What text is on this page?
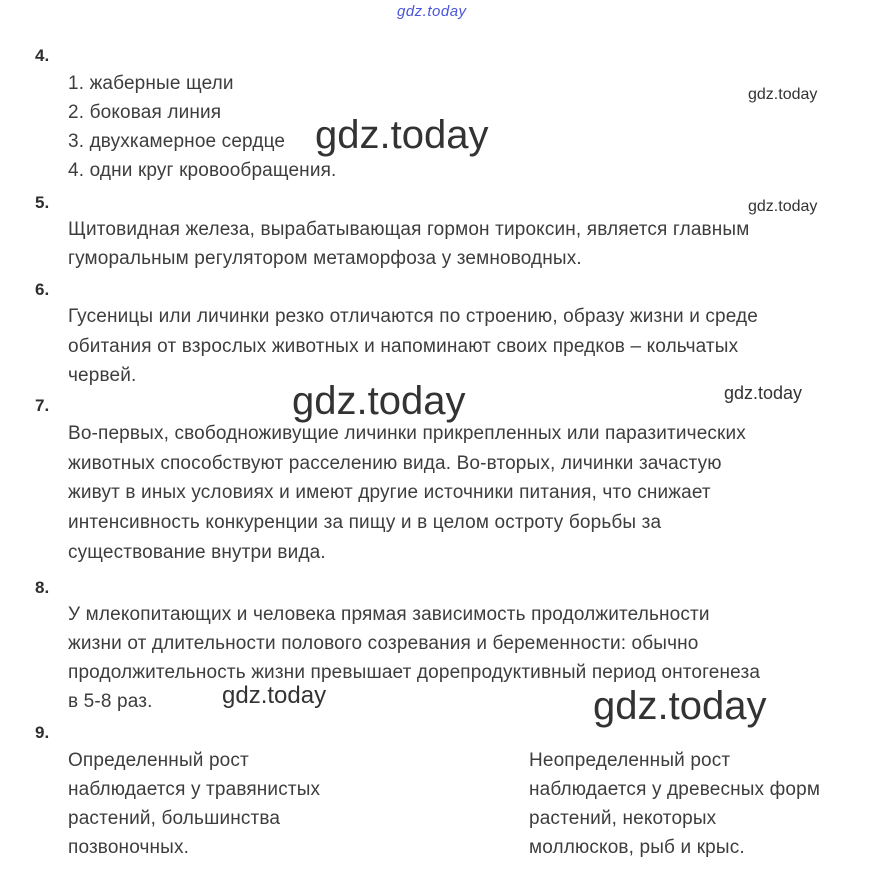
gdz.today
4.
1. жаберные щели
2. боковая линия
3. двухкамерное сердце
4. одни круг кровообращения.
5.
Щитовидная железа, вырабатывающая гормон тироксин, является главным
гуморальным регулятором метаморфоза у земноводных.
6.
Гусеницы или личинки резко отличаются по строению, образу жизни и среде
обитания от взрослых животных и напоминают своих предков – кольчатых
червей.
7.
Во-первых, свободноживущие личинки прикрепленных или паразитических
животных способствуют расселению вида. Во-вторых, личинки зачастую
живут в иных условиях и имеют другие источники питания, что снижает
интенсивность конкуренции за пищу и в целом остроту борьбы за
существование внутри вида.
8.
У млекопитающих и человека прямая зависимость продолжительности
жизни от длительности полового созревания и беременности: обычно
продолжительность жизни превышает дорепродуктивный период онтогенеза
в 5-8 раз.
9.
Определенный рост
наблюдается у травянистых
растений, большинства
позвоночных.
Неопределенный рост
наблюдается у древесных форм
растений, некоторых
моллюсков, рыб и крыс.
gdz.today
gdz.today
gdz.today
gdz.today
gdz.today
gdz.today
gdz.today
